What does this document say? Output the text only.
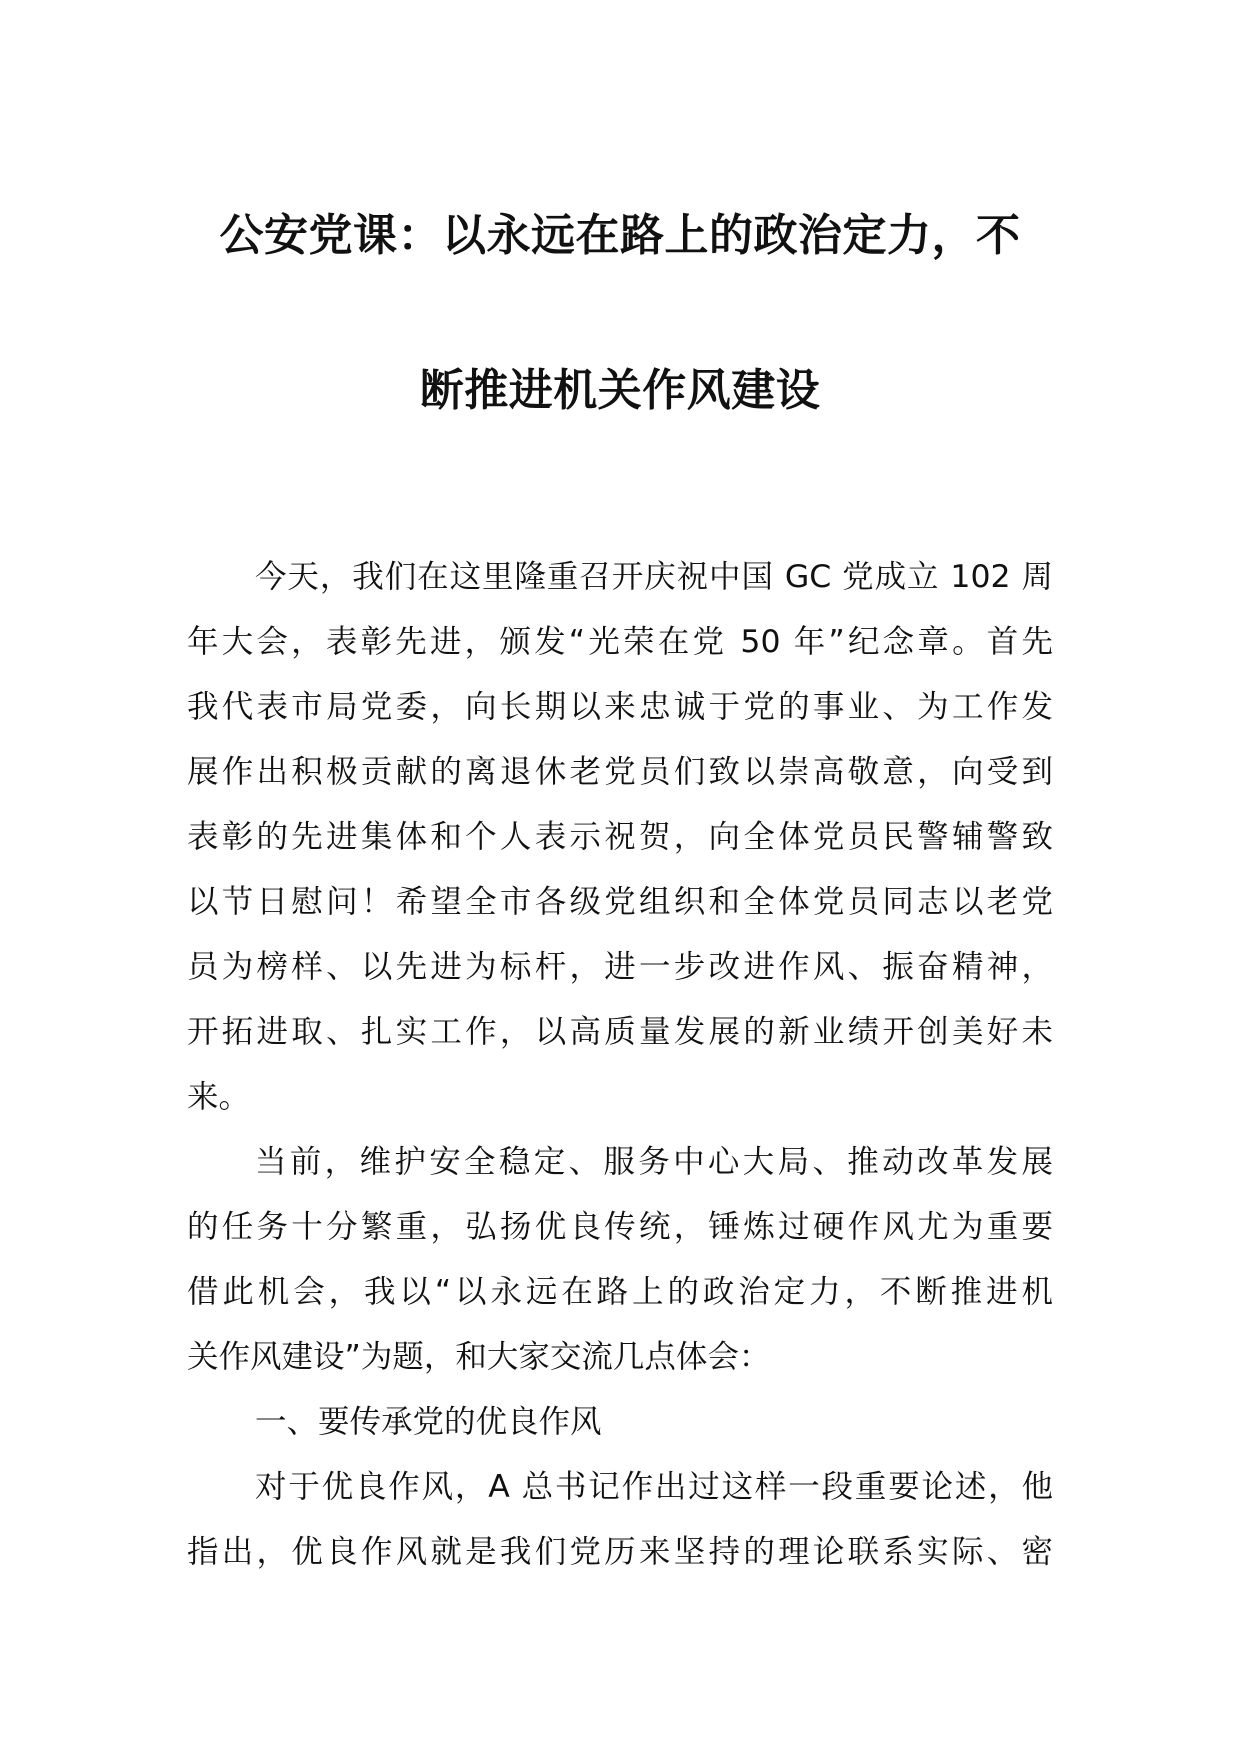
公安党课：以永远在路上的政治定力，不
断推进机关作风建设
今天，我们在这里隆重召开庆祝中国 GC 党成立 102 周
年大会，表彰先进，颁发“光荣在党 50 年”纪念章。首先
我代表市局党委，向长期以来忠诚于党的事业、为工作发
展作出积极贡献的离退休老党员们致以崇高敬意，向受到
表彰的先进集体和个人表示祝贺，向全体党员民警辅警致
以节日慰问！希望全市各级党组织和全体党员同志以老党
员为榜样、以先进为标杆，进一步改进作风、振奋精神，
开拓进取、扎实工作，以高质量发展的新业绩开创美好未
来。
当前，维护安全稳定、服务中心大局、推动改革发展
的任务十分繁重，弘扬优良传统，锤炼过硬作风尤为重要
借此机会，我以“以永远在路上的政治定力，不断推进机
关作风建设”为题，和大家交流几点体会：
一、要传承党的优良作风
对于优良作风，A 总书记作出过这样一段重要论述，他
指出，优良作风就是我们党历来坚持的理论联系实际、密
